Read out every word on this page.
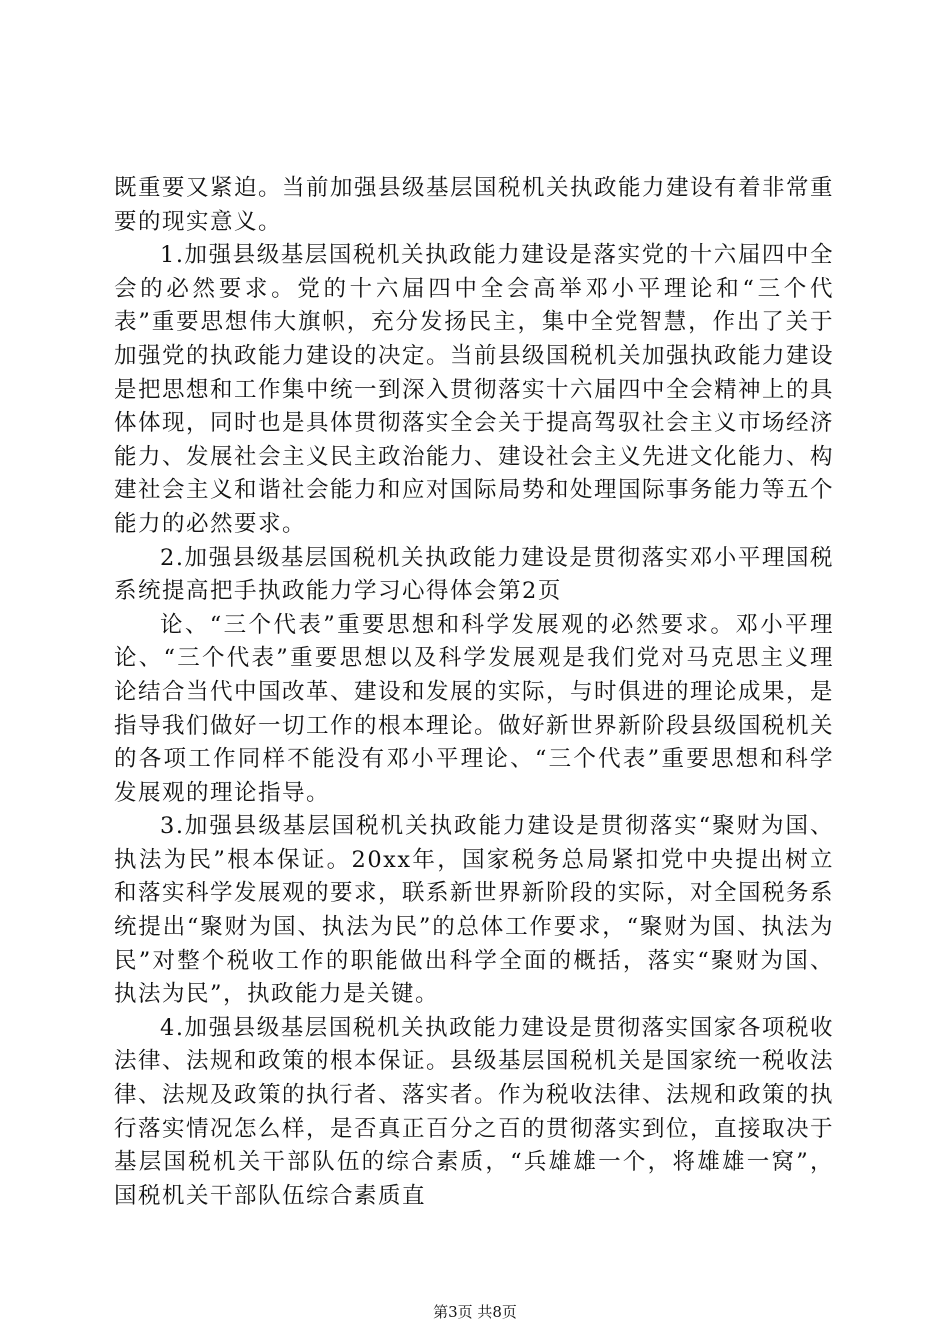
既重要又紧迫。当前加强县级基层国税机关执政能力建设有着非常重要的现实意义。

1.加强县级基层国税机关执政能力建设是落实党的十六届四中全会的必然要求。党的十六届四中全会高举邓小平理论和“三个代表”重要思想伟大旗帜，充分发扬民主，集中全党智慧，作出了关于加强党的执政能力建设的决定。当前县级国税机关加强执政能力建设是把思想和工作集中统一到深入贯彻落实十六届四中全会精神上的具体体现，同时也是具体贯彻落实全会关于提高驾驭社会主义市场经济能力、发展社会主义民主政治能力、建设社会主义先进文化能力、构建社会主义和谐社会能力和应对国际局势和处理国际事务能力等五个能力的必然要求。

2.加强县级基层国税机关执政能力建设是贯彻落实邓小平理国税系统提高把手执政能力学习心得体会第2页

论、“三个代表”重要思想和科学发展观的必然要求。邓小平理论、“三个代表”重要思想以及科学发展观是我们党对马克思主义理论结合当代中国改革、建设和发展的实际，与时俱进的理论成果，是指导我们做好一切工作的根本理论。做好新世界新阶段县级国税机关的各项工作同样不能没有邓小平理论、“三个代表”重要思想和科学发展观的理论指导。

3.加强县级基层国税机关执政能力建设是贯彻落实“聚财为国、执法为民”根本保证。20xx年，国家税务总局紧扣党中央提出树立和落实科学发展观的要求，联系新世界新阶段的实际，对全国税务系统提出“聚财为国、执法为民”的总体工作要求，“聚财为国、执法为民”对整个税收工作的职能做出科学全面的概括，落实“聚财为国、执法为民”，执政能力是关键。

4.加强县级基层国税机关执政能力建设是贯彻落实国家各项税收法律、法规和政策的根本保证。县级基层国税机关是国家统一税收法律、法规及政策的执行者、落实者。作为税收法律、法规和政策的执行落实情况怎么样，是否真正百分之百的贯彻落实到位，直接取决于基层国税机关干部队伍的综合素质，“兵雄雄一个，将雄雄一窝”，国税机关干部队伍综合素质直

第3页 共8页
